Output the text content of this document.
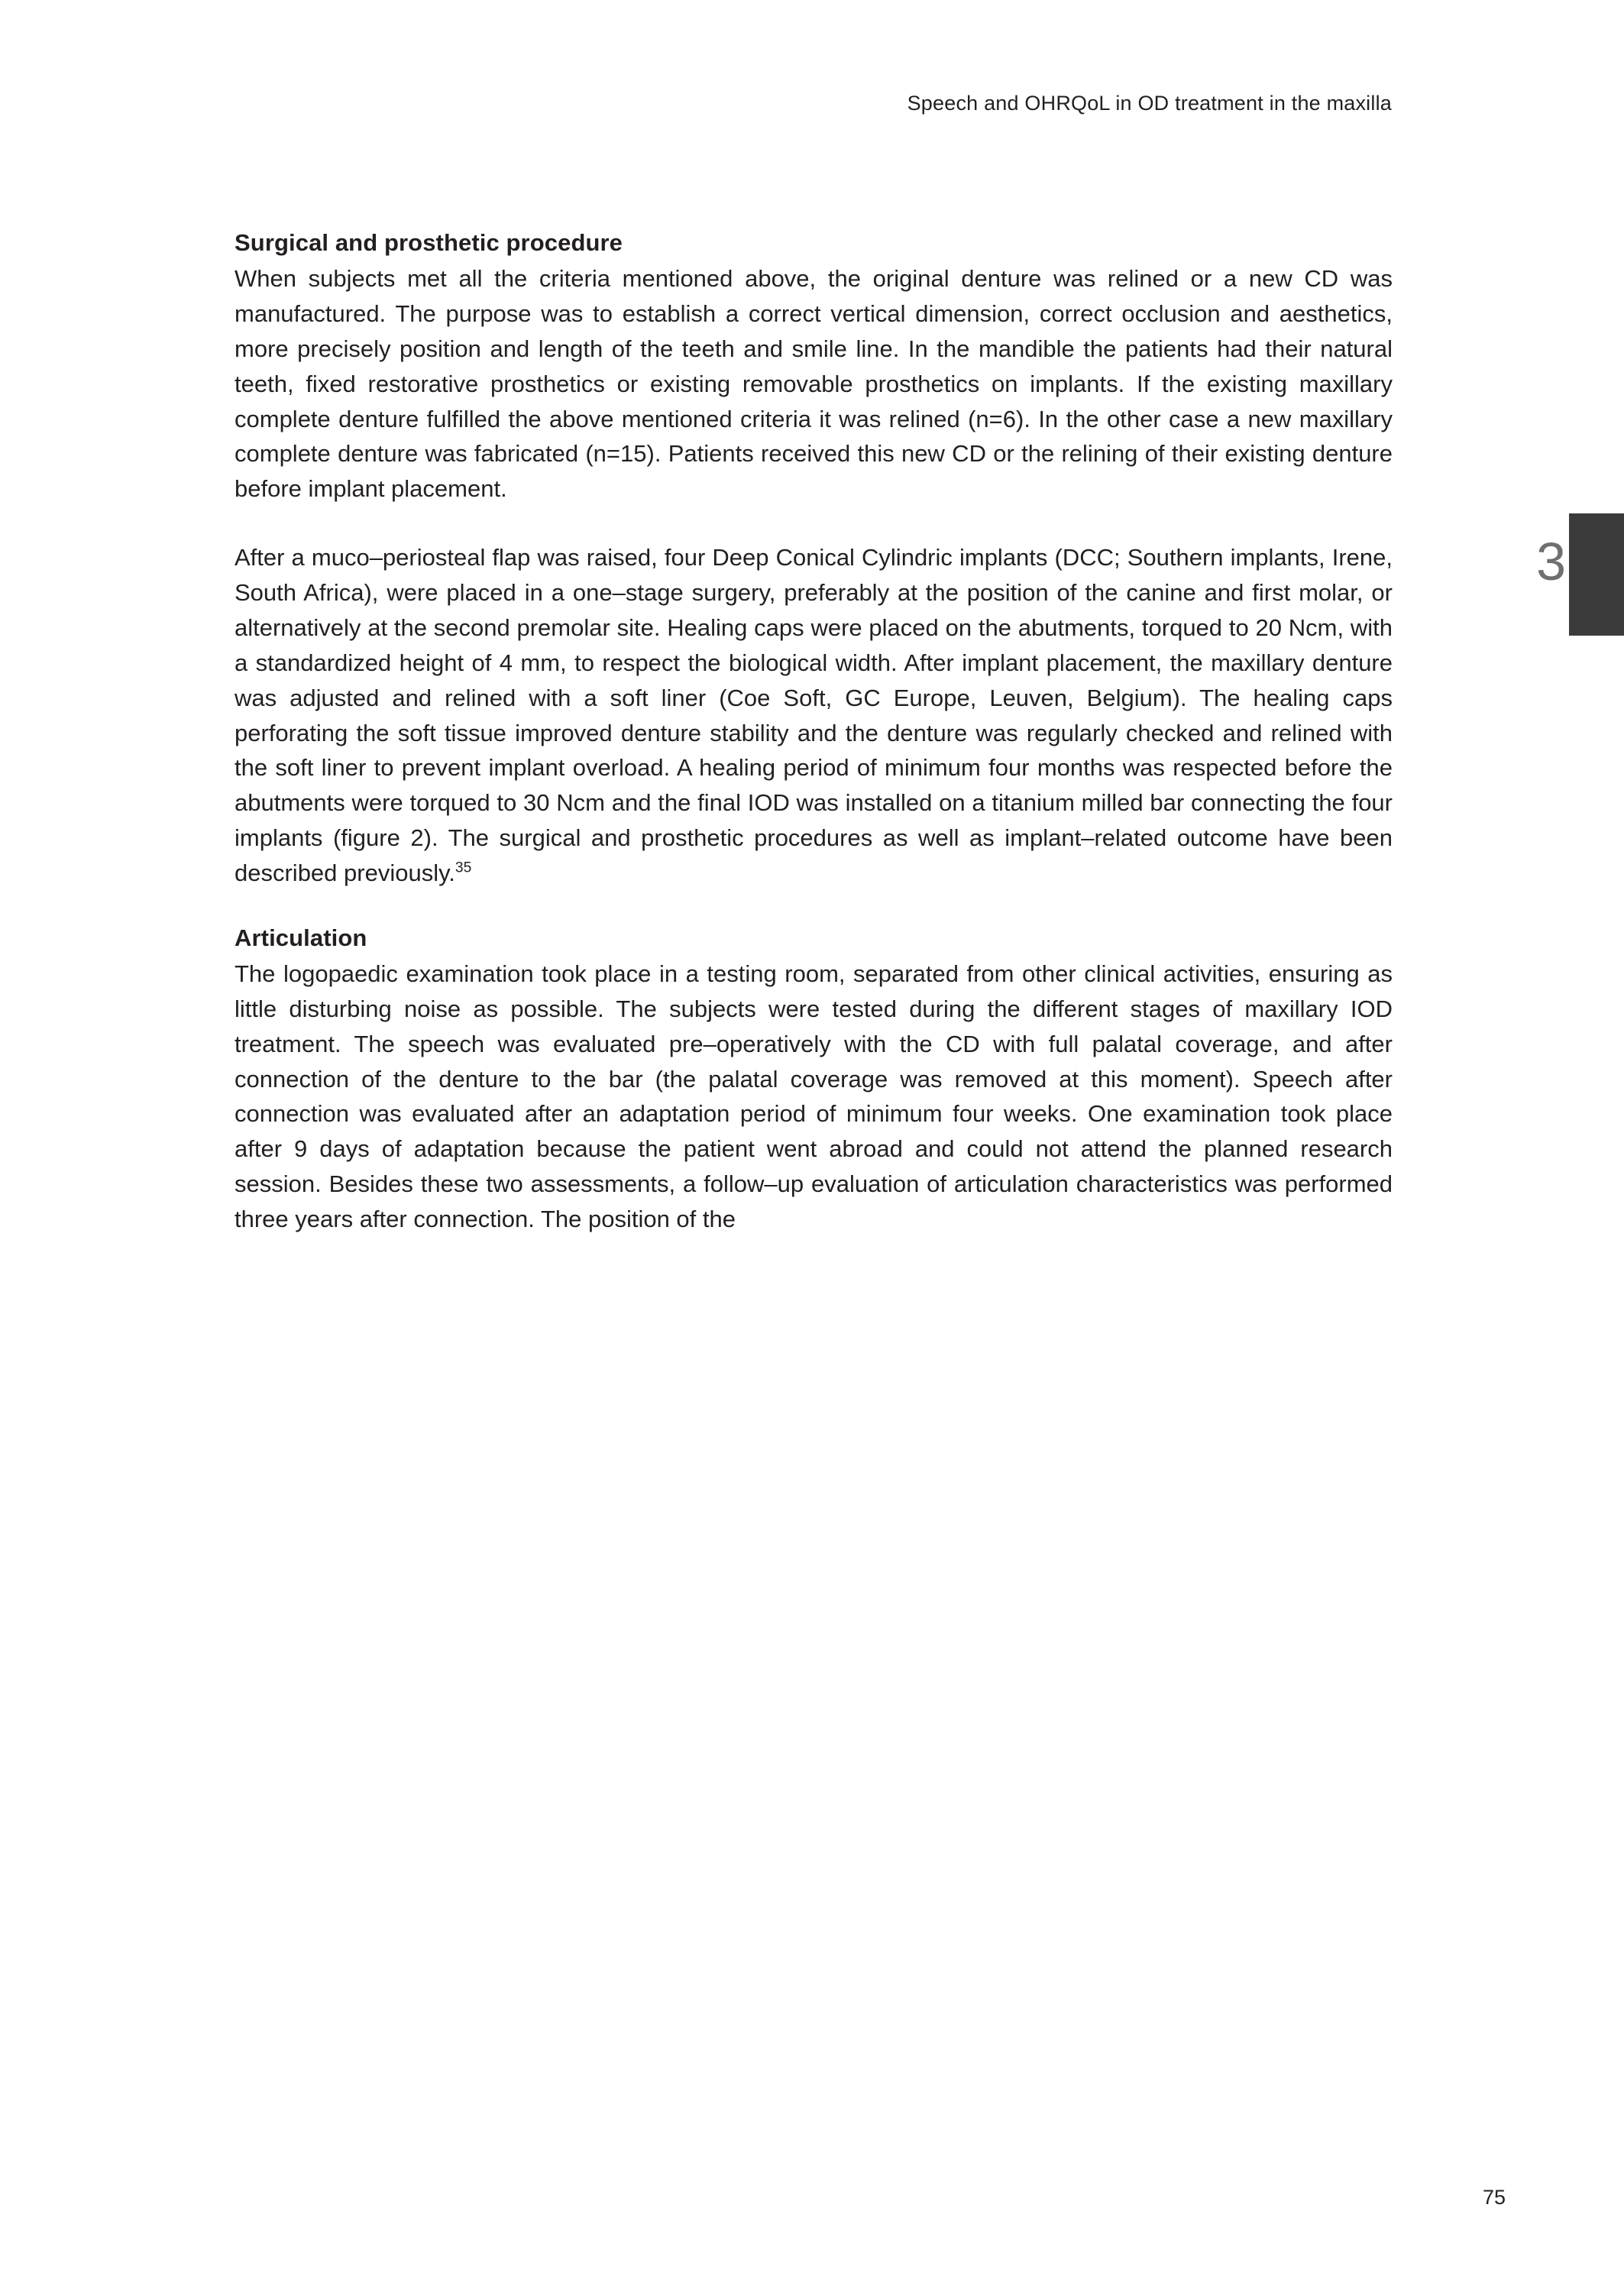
Speech and OHRQoL in OD treatment in the maxilla
3
Surgical and prosthetic procedure

When subjects met all the criteria mentioned above, the original denture was relined or a new CD was manufactured. The purpose was to establish a correct vertical dimension, correct occlusion and aesthetics, more precisely position and length of the teeth and smile line. In the mandible the patients had their natural teeth, fixed restorative prosthetics or existing removable prosthetics on implants. If the existing maxillary complete denture fulfilled the above mentioned criteria it was relined (n=6). In the other case a new maxillary complete denture was fabricated (n=15). Patients received this new CD or the relining of their existing denture before implant placement.

After a muco–periosteal flap was raised, four Deep Conical Cylindric implants (DCC; Southern implants, Irene, South Africa), were placed in a one–stage surgery, preferably at the position of the canine and first molar, or alternatively at the second premolar site. Healing caps were placed on the abutments, torqued to 20 Ncm, with a standardized height of 4 mm, to respect the biological width. After implant placement, the maxillary denture was adjusted and relined with a soft liner (Coe Soft, GC Europe, Leuven, Belgium). The healing caps perforating the soft tissue improved denture stability and the denture was regularly checked and relined with the soft liner to prevent implant overload. A healing period of minimum four months was respected before the abutments were torqued to 30 Ncm and the final IOD was installed on a titanium milled bar connecting the four implants (figure 2). The surgical and prosthetic procedures as well as implant–related outcome have been described previously.$^{35}$

Articulation

The logopaedic examination took place in a testing room, separated from other clinical activities, ensuring as little disturbing noise as possible. The subjects were tested during the different stages of maxillary IOD treatment. The speech was evaluated pre–operatively with the CD with full palatal coverage, and after connection of the denture to the bar (the palatal coverage was removed at this moment). Speech after connection was evaluated after an adaptation period of minimum four weeks. One examination took place after 9 days of adaptation because the patient went abroad and could not attend the planned research session. Besides these two assessments, a follow–up evaluation of articulation characteristics was performed three years after connection. The position of the

75
